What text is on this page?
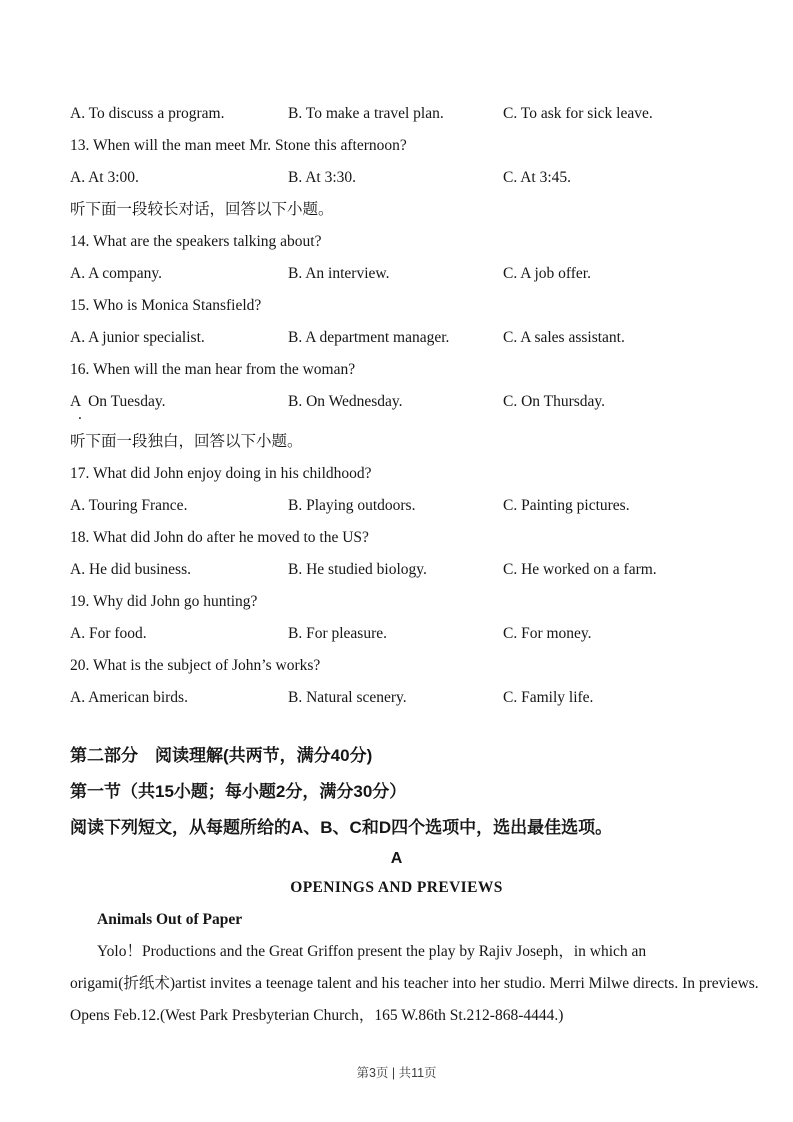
A. To discuss a program.	B. To make a travel plan.	C. To ask for sick leave.
13. When will the man meet Mr. Stone this afternoon?
A. At 3:00.	B. At 3:30.	C. At 3:45.
听下面一段较长对话，回答以下小题。
14. What are the speakers talking about?
A. A company.	B. An interview.	C. A job offer.
15. Who is Monica Stansfield?
A. A junior specialist.	B. A department manager.	C. A sales assistant.
16. When will the man hear from the woman?
A  On Tuesday.	B. On Wednesday.	C. On Thursday.
.
听下面一段独白，回答以下小题。
17. What did John enjoy doing in his childhood?
A. Touring France.	B. Playing outdoors.	C. Painting pictures.
18. What did John do after he moved to the US?
A. He did business.	B. He studied biology.	C. He worked on a farm.
19. Why did John go hunting?
A. For food.	B. For pleasure.	C. For money.
20. What is the subject of John’s works?
A. American birds.	B. Natural scenery.	C. Family life.
第二部分　阅读理解(共两节，满分40分)
第一节（共15小题；每小题2分，满分30分）
阅读下列短文，从每题所给的A、B、C和D四个选项中，选出最佳选项。
A
OPENINGS AND PREVIEWS
Animals Out of Paper
Yolo！Productions and the Great Griffon present the play by Rajiv Joseph，in which an
origami(折纸术)artist invites a teenage talent and his teacher into her studio. Merri Milwe directs. In previews.
Opens Feb.12.(West Park Presbyterian Church，165 W.86th St.212-868-4444.)
第3页 | 共11页
